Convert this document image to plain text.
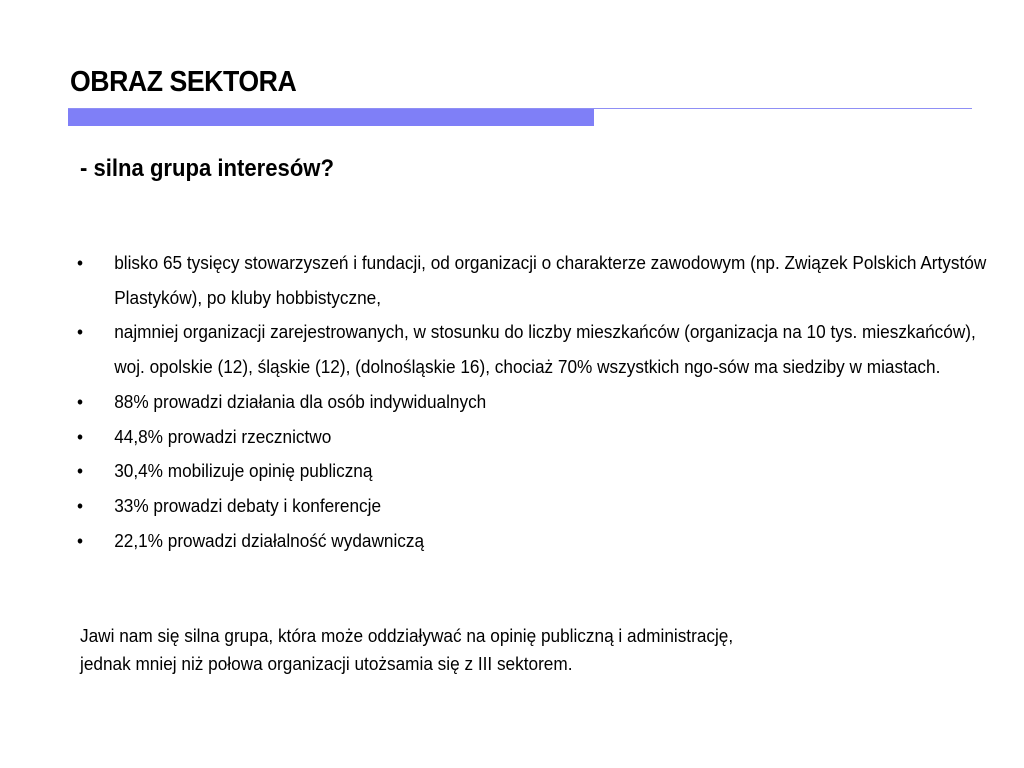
OBRAZ SEKTORA
- silna grupa interesów?
• blisko 65 tysięcy stowarzyszeń i fundacji, od organizacji o charakterze zawodowym (np. Związek Polskich Artystów Plastyków), po kluby hobbistyczne,
• najmniej organizacji zarejestrowanych, w stosunku do liczby mieszkańców (organizacja na 10 tys. mieszkańców), woj. opolskie (12), śląskie (12), (dolnośląskie 16), chociaż 70% wszystkich ngo-sów ma siedziby w miastach.
• 88% prowadzi działania dla osób indywidualnych
• 44,8% prowadzi rzecznictwo
• 30,4% mobilizuje opinię publiczną
• 33% prowadzi debaty i konferencje
• 22,1% prowadzi działalność wydawniczą
Jawi nam się silna grupa, która może oddziaływać na opinię publiczną i administrację,
jednak mniej niż połowa organizacji utożsamia się z III sektorem.
